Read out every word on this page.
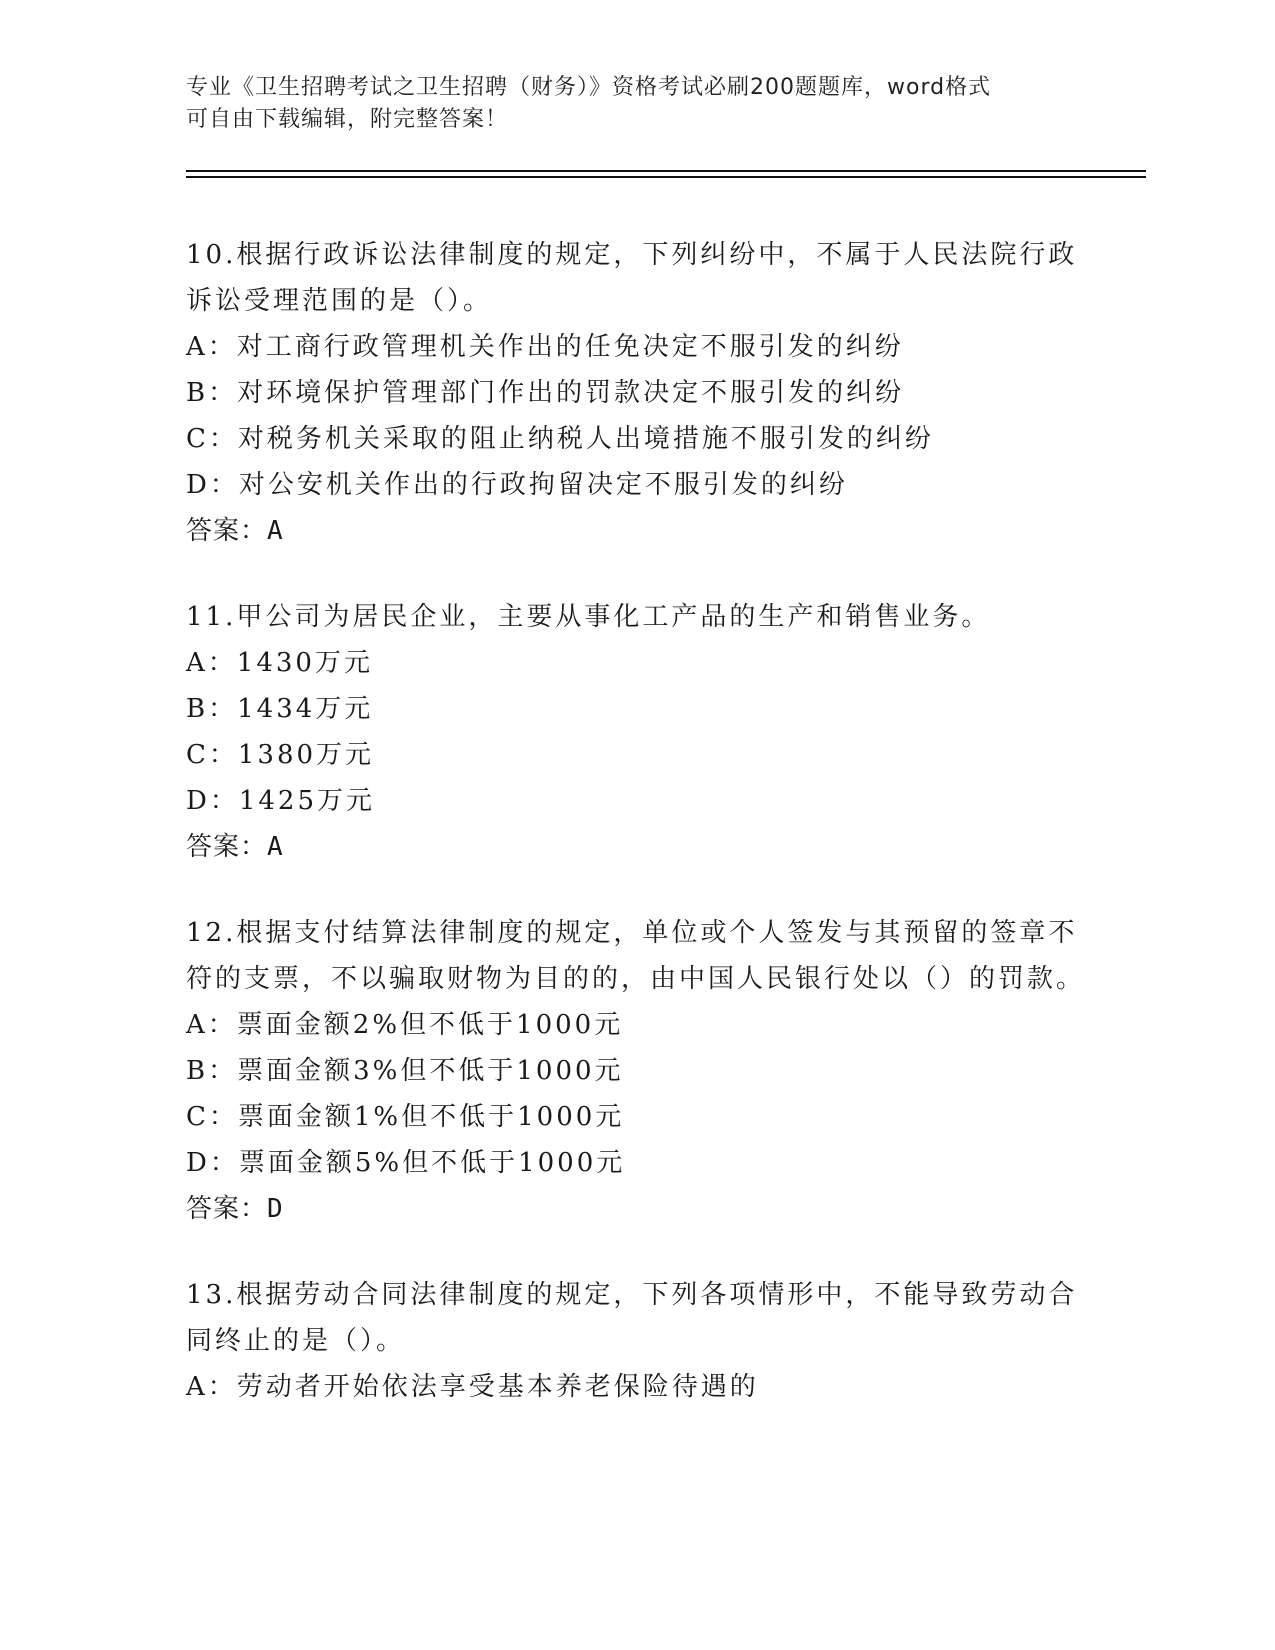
专业《卫生招聘考试之卫生招聘（财务）》资格考试必刷200题题库，word格式
可自由下载编辑，附完整答案！

10.根据行政诉讼法律制度的规定，下列纠纷中，不属于人民法院行政诉讼受理范围的是（）。

A：对工商行政管理机关作出的任免决定不服引发的纠纷

B：对环境保护管理部门作出的罚款决定不服引发的纠纷

C：对税务机关采取的阻止纳税人出境措施不服引发的纠纷

D：对公安机关作出的行政拘留决定不服引发的纠纷

答案：A

11.甲公司为居民企业，主要从事化工产品的生产和销售业务。

A：1430万元

B：1434万元

C：1380万元

D：1425万元

答案：A

12.根据支付结算法律制度的规定，单位或个人签发与其预留的签章不符的支票，不以骗取财物为目的的，由中国人民银行处以（）的罚款。

A：票面金额2%但不低于1000元

B：票面金额3%但不低于1000元

C：票面金额1%但不低于1000元

D：票面金额5%但不低于1000元

答案：D

13.根据劳动合同法律制度的规定，下列各项情形中，不能导致劳动合同终止的是（）。

A：劳动者开始依法享受基本养老保险待遇的
